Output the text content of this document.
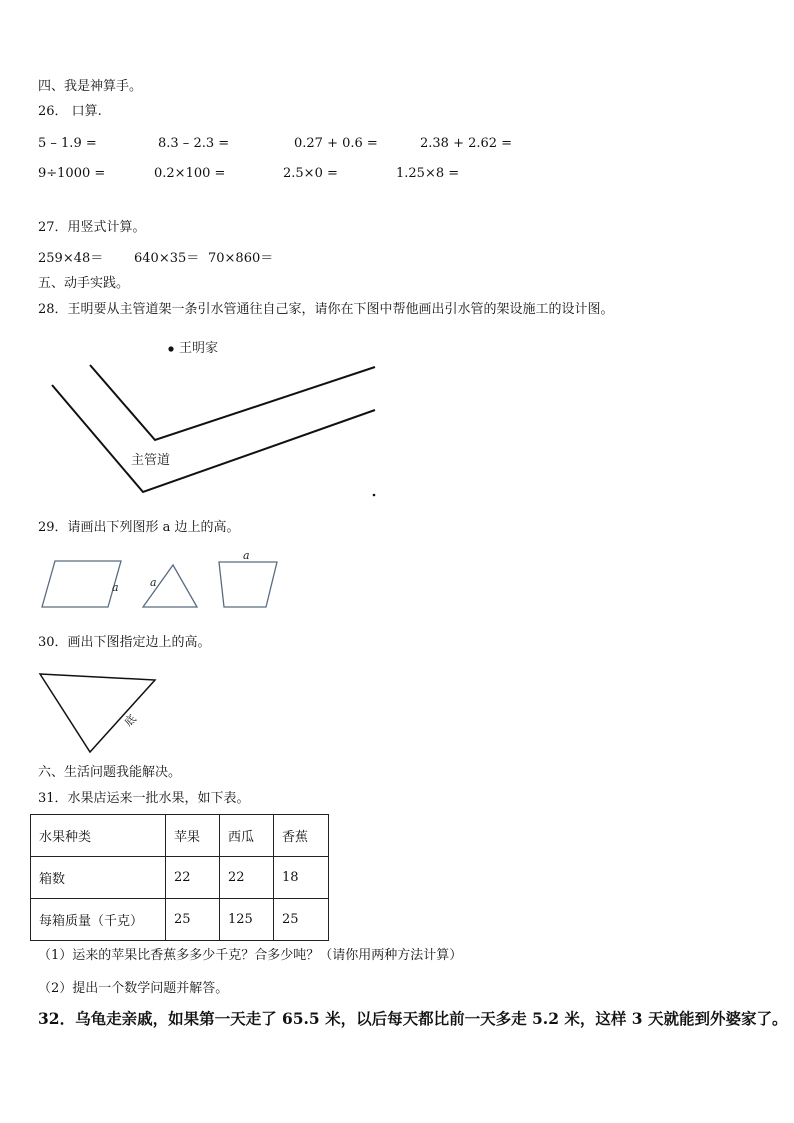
四、我是神算手。
26． 口算.
5 – 1.9 =	8.3 – 2.3 =	0.27 + 0.6 =	2.38 + 2.62 =
9÷1000 =	0.2×100 =	2.5×0 =	1.25×8 =
27．用竖式计算。
259×48＝ 640×35＝ 70×860＝
五、动手实践。
28．王明要从主管道架一条引水管通往自己家，请你在下图中帮他画出引水管的架设施工的设计图。
王明家
主管道
29．请画出下列图形 a 边上的高。
a	a
a
30．画出下图指定边上的高。
底
六、生活问题我能解决。
31．水果店运来一批水果，如下表。
水果种类	苹果	西瓜	香蕉
箱数	22	22	18
每箱质量（千克）	25	125	25
（1）运来的苹果比香蕉多多少千克？合多少吨？（请你用两种方法计算）
（2）提出一个数学问题并解答。
32．乌龟走亲戚，如果第一天走了 65.5 米，以后每天都比前一天多走 5.2 米，这样 3 天就能到外婆家了。
